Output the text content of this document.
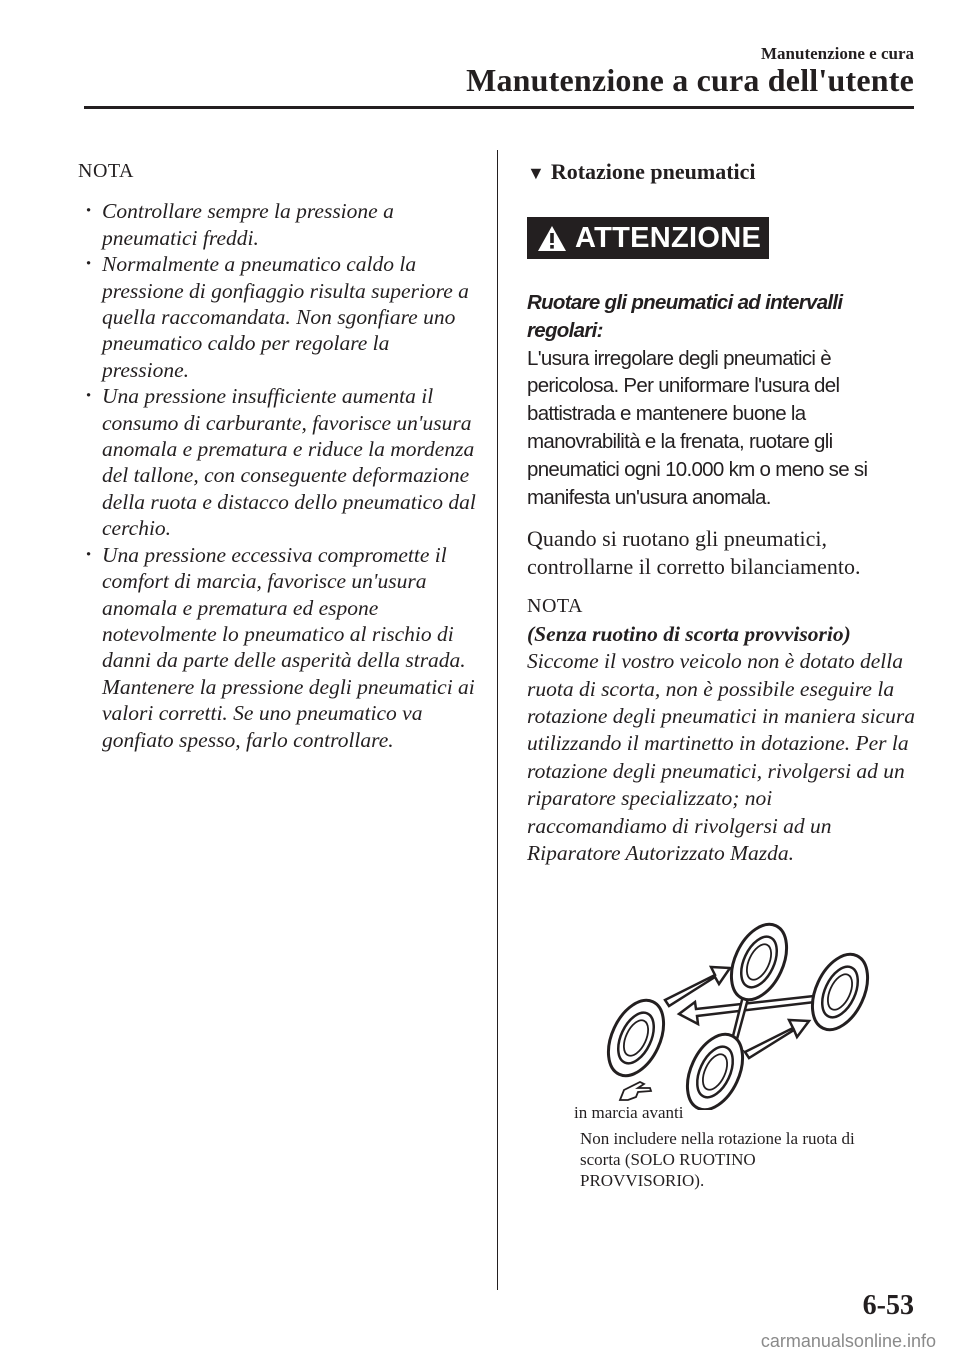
Manutenzione e cura
Manutenzione a cura dell'utente
NOTA
· Controllare sempre la pressione a pneumatici freddi.
· Normalmente a pneumatico caldo la pressione di gonfiaggio risulta superiore a quella raccomandata. Non sgonfiare uno pneumatico caldo per regolare la pressione.
· Una pressione insufficiente aumenta il consumo di carburante, favorisce un'usura anomala e prematura e riduce la mordenza del tallone, con conseguente deformazione della ruota e distacco dello pneumatico dal cerchio.
· Una pressione eccessiva compromette il comfort di marcia, favorisce un'usura anomala e prematura ed espone notevolmente lo pneumatico al rischio di danni da parte delle asperità della strada.
Mantenere la pressione degli pneumatici ai valori corretti. Se uno pneumatico va gonfiato spesso, farlo controllare.
▼ Rotazione pneumatici
ATTENZIONE
Ruotare gli pneumatici ad intervalli regolari:
L'usura irregolare degli pneumatici è pericolosa. Per uniformare l'usura del battistrada e mantenere buone la manovrabilità e la frenata, ruotare gli pneumatici ogni 10.000 km o meno se si manifesta un'usura anomala.
Quando si ruotano gli pneumatici, controllarne il corretto bilanciamento.
NOTA
(Senza ruotino di scorta provvisorio)
Siccome il vostro veicolo non è dotato della ruota di scorta, non è possibile eseguire la rotazione degli pneumatici in maniera sicura utilizzando il martinetto in dotazione. Per la rotazione degli pneumatici, rivolgersi ad un riparatore specializzato; noi raccomandiamo di rivolgersi ad un Riparatore Autorizzato Mazda.
in marcia avanti
Non includere nella rotazione la ruota di scorta (SOLO RUOTINO PROVVISORIO).
6-53
carmanualsonline.info
